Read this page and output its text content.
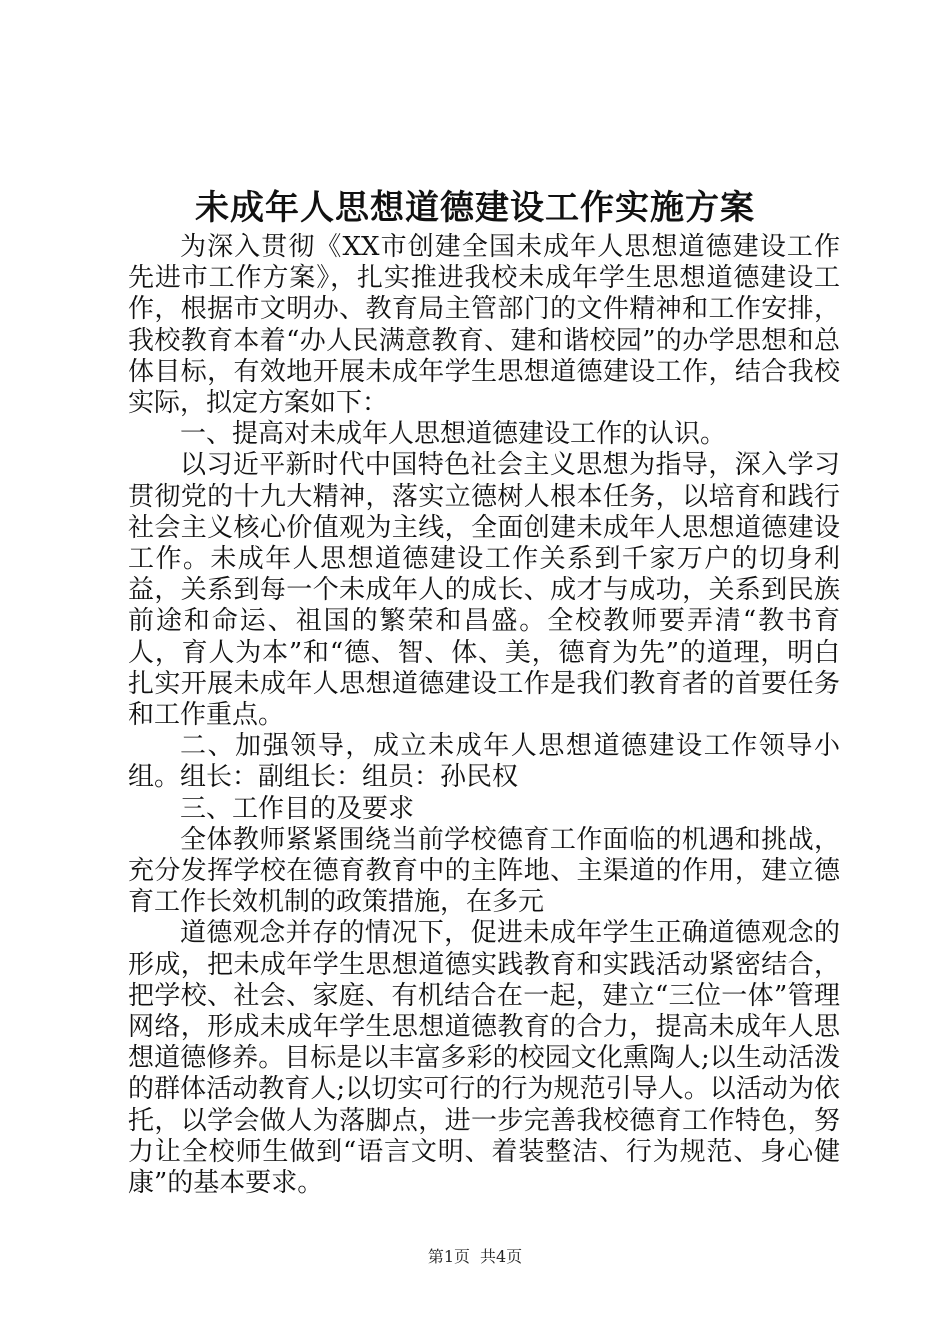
未成年人思想道德建设工作实施方案

为深入贯彻《XX市创建全国未成年人思想道德建设工作先进市工作方案》，扎实推进我校未成年学生思想道德建设工作，根据市文明办、教育局主管部门的文件精神和工作安排，我校教育本着“办人民满意教育、建和谐校园”的办学思想和总体目标，有效地开展未成年学生思想道德建设工作，结合我校实际，拟定方案如下：

一、提高对未成年人思想道德建设工作的认识。

以习近平新时代中国特色社会主义思想为指导，深入学习贯彻党的十九大精神，落实立德树人根本任务，以培育和践行社会主义核心价值观为主线，全面创建未成年人思想道德建设工作。未成年人思想道德建设工作关系到千家万户的切身利益，关系到每一个未成年人的成长、成才与成功，关系到民族前途和命运、祖国的繁荣和昌盛。全校教师要弄清“教书育人，育人为本”和“德、智、体、美，德育为先”的道理，明白扎实开展未成年人思想道德建设工作是我们教育者的首要任务和工作重点。

二、加强领导，成立未成年人思想道德建设工作领导小组。组长：副组长：组员：孙民权

三、工作目的及要求

全体教师紧紧围绕当前学校德育工作面临的机遇和挑战，充分发挥学校在德育教育中的主阵地、主渠道的作用，建立德育工作长效机制的政策措施，在多元

道德观念并存的情况下，促进未成年学生正确道德观念的形成，把未成年学生思想道德实践教育和实践活动紧密结合，把学校、社会、家庭、有机结合在一起，建立“三位一体”管理网络，形成未成年学生思想道德教育的合力，提高未成年人思想道德修养。目标是以丰富多彩的校园文化熏陶人;以生动活泼的群体活动教育人;以切实可行的行为规范引导人。以活动为依托，以学会做人为落脚点，进一步完善我校德育工作特色，努力让全校师生做到“语言文明、着装整洁、行为规范、身心健康”的基本要求。

第1页 共4页
